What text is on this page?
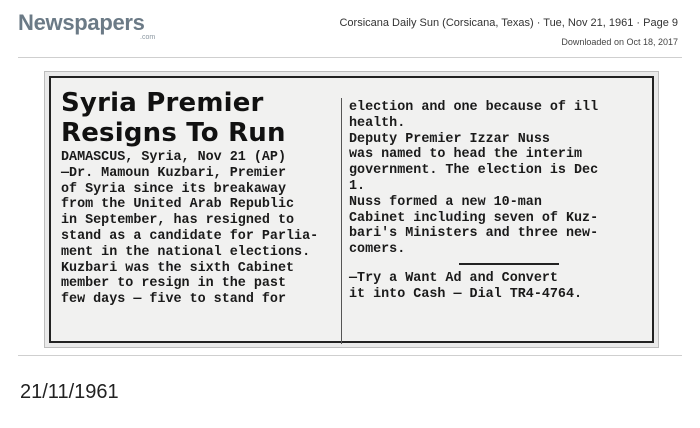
Newspapers
.com
Corsicana Daily Sun (Corsicana, Texas) · Tue, Nov 21, 1961 · Page 9
Downloaded on Oct 18, 2017
Syria Premier
Resigns To Run
DAMASCUS, Syria, Nov 21 (AP)
—Dr. Mamoun Kuzbari, Premier
of Syria since its breakaway
from the United Arab Republic
in September, has resigned to
stand as a candidate for Parlia-
ment in the national elections.
Kuzbari was the sixth Cabinet
member to resign in the past
few days — five to stand for
election and one because of ill
health.
Deputy Premier Izzar Nuss
was named to head the interim
government. The election is Dec
1.
Nuss formed a new 10-man
Cabinet including seven of Kuz-
bari's Ministers and three new-
comers.
—Try a Want Ad and Convert
it into Cash — Dial TR4-4764.
21/11/1961
